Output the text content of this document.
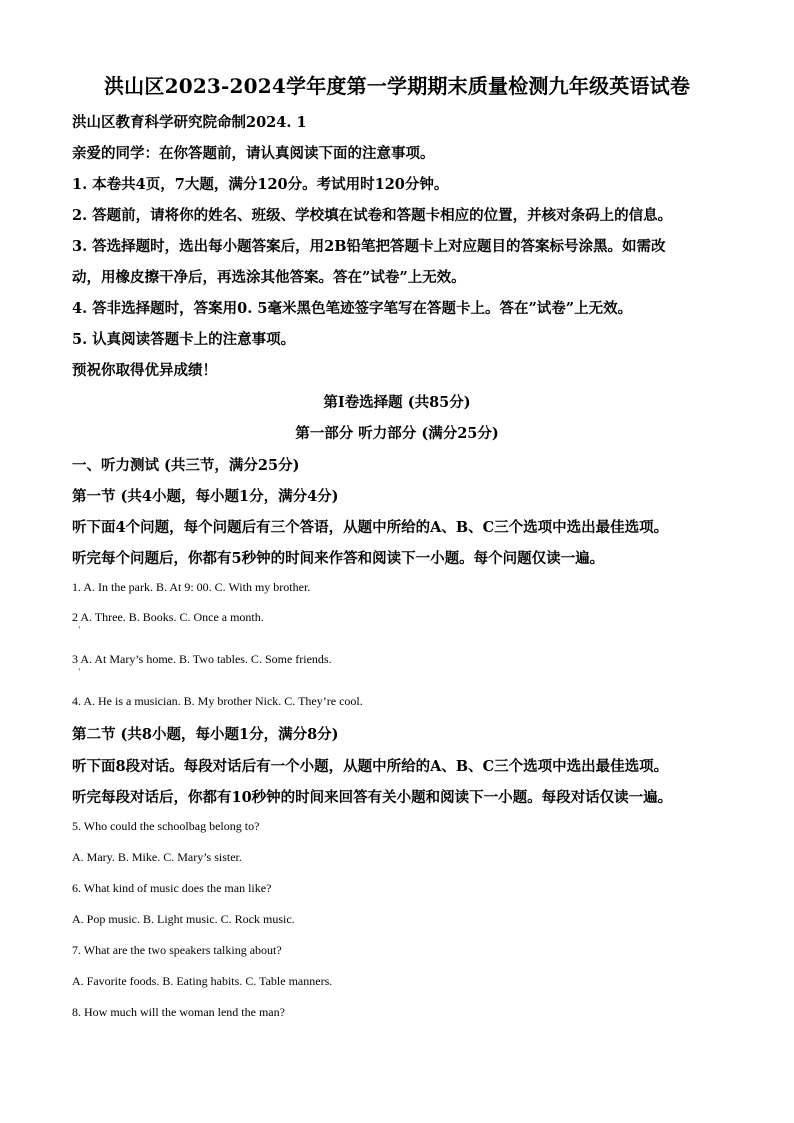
洪山区2023-2024学年度第一学期期末质量检测九年级英语试卷
洪山区教育科学研究院命制2024. 1
亲爱的同学：在你答题前，请认真阅读下面的注意事项。
1. 本卷共4页，7大题，满分120分。考试用时120分钟。
2. 答题前，请将你的姓名、班级、学校填在试卷和答题卡相应的位置，并核对条码上的信息。
3. 答选择题时，选出每小题答案后，用2B铅笔把答题卡上对应题目的答案标号涂黑。如需改
动，用橡皮擦干净后，再选涂其他答案。答在”试卷”上无效。
4. 答非选择题时，答案用0. 5毫米黑色笔迹签字笔写在答题卡上。答在”试卷”上无效。
5. 认真阅读答题卡上的注意事项。
预祝你取得优异成绩！
第I卷选择题 (共85分)
第一部分 听力部分 (满分25分)
一、听力测试 (共三节，满分25分)
第一节 (共4小题，每小题1分，满分4分)
听下面4个问题，每个问题后有三个答语，从题中所给的A、B、C三个选项中选出最佳选项。
听完每个问题后，你都有5秒钟的时间来作答和阅读下一小题。每个问题仅读一遍。
1. A. In the park. B. At 9: 00. C. With my brother.
2 A. Three. B. Books. C. Once a month.
'
3 A. At Mary’s home. B. Two tables. C. Some friends.
'
4. A. He is a musician. B. My brother Nick. C. They’re cool.
第二节 (共8小题，每小题1分，满分8分)
听下面8段对话。每段对话后有一个小题，从题中所给的A、B、C三个选项中选出最佳选项。
听完每段对话后，你都有10秒钟的时间来回答有关小题和阅读下一小题。每段对话仅读一遍。
5. Who could the schoolbag belong to?
A. Mary. B. Mike. C. Mary’s sister.
6. What kind of music does the man like?
A. Pop music. B. Light music. C. Rock music.
7. What are the two speakers talking about?
A. Favorite foods. B. Eating habits. C. Table manners.
8. How much will the woman lend the man?
